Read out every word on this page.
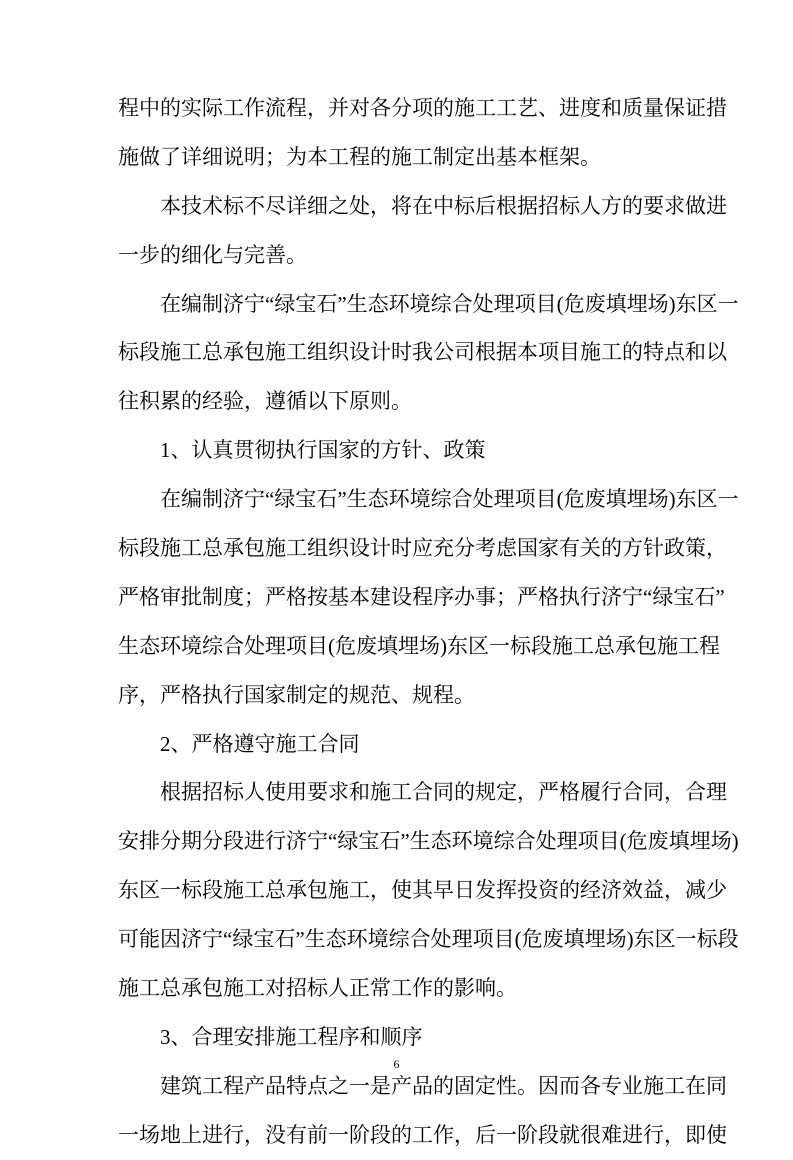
程中的实际工作流程，并对各分项的施工工艺、进度和质量保证措
施做了详细说明；为本工程的施工制定出基本框架。
本技术标不尽详细之处，将在中标后根据招标人方的要求做进
一步的细化与完善。
在编制济宁“绿宝石”生态环境综合处理项目(危废填埋场)东区一
标段施工总承包施工组织设计时我公司根据本项目施工的特点和以
往积累的经验，遵循以下原则。
1、认真贯彻执行国家的方针、政策
在编制济宁“绿宝石”生态环境综合处理项目(危废填埋场)东区一
标段施工总承包施工组织设计时应充分考虑国家有关的方针政策，
严格审批制度；严格按基本建设程序办事；严格执行济宁“绿宝石”
生态环境综合处理项目(危废填埋场)东区一标段施工总承包施工程
序，严格执行国家制定的规范、规程。
2、严格遵守施工合同
根据招标人使用要求和施工合同的规定，严格履行合同，合理
安排分期分段进行济宁“绿宝石”生态环境综合处理项目(危废填埋场)
东区一标段施工总承包施工，使其早日发挥投资的经济效益，减少
可能因济宁“绿宝石”生态环境综合处理项目(危废填埋场)东区一标段
施工总承包施工对招标人正常工作的影响。
3、合理安排施工程序和顺序
建筑工程产品特点之一是产品的固定性。因而各专业施工在同
一场地上进行，没有前一阶段的工作，后一阶段就很难进行，即使
6
